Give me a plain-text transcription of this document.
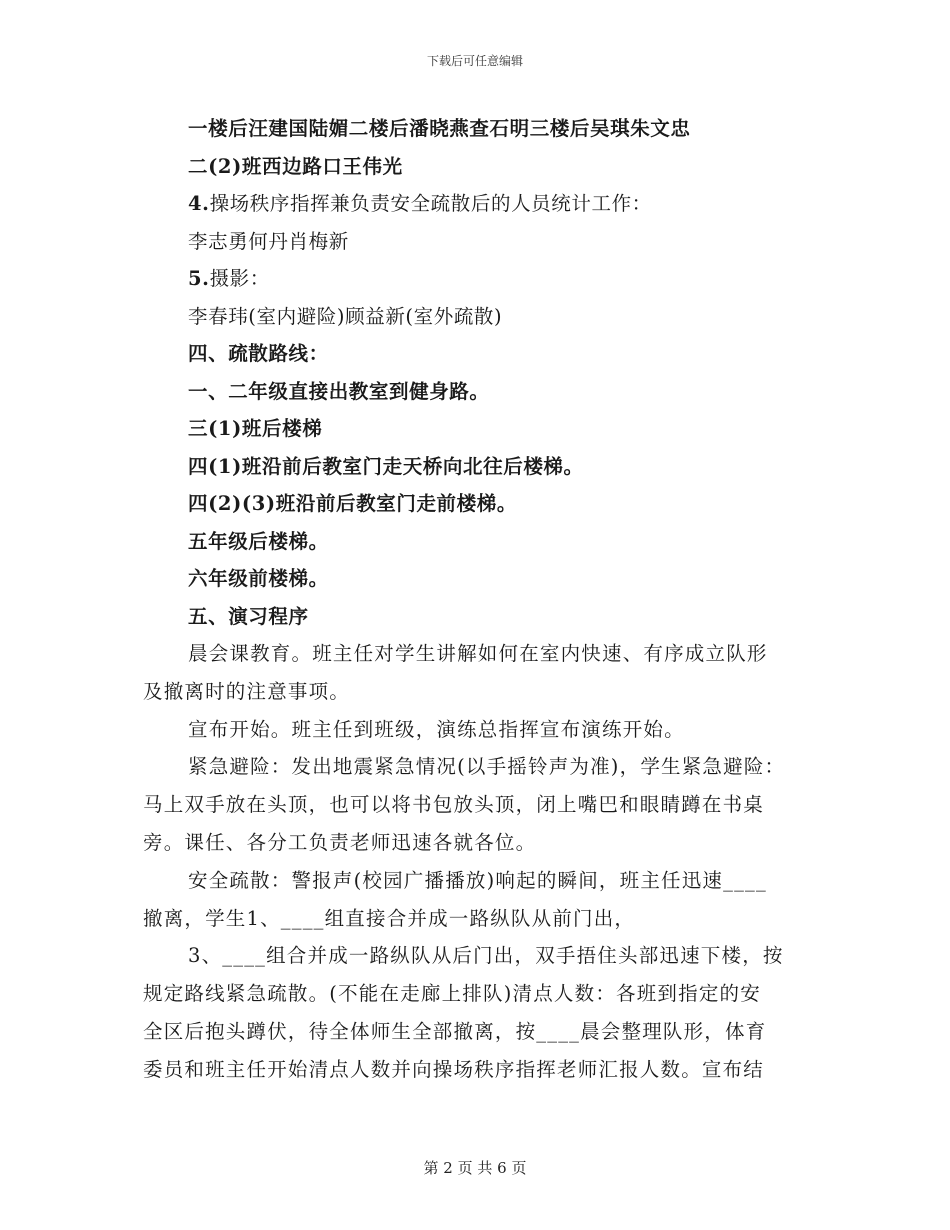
下载后可任意编辑
一楼后汪建国陆媚二楼后潘晓燕查石明三楼后吴琪朱文忠
二(2)班西边路口王伟光
4.操场秩序指挥兼负责安全疏散后的人员统计工作：
李志勇何丹肖梅新
5.摄影：
李春玮(室内避险)顾益新(室外疏散)
四、疏散路线：
一、二年级直接出教室到健身路。
三(1)班后楼梯
四(1)班沿前后教室门走天桥向北往后楼梯。
四(2)(3)班沿前后教室门走前楼梯。
五年级后楼梯。
六年级前楼梯。
五、演习程序
晨会课教育。班主任对学生讲解如何在室内快速、有序成立队形
及撤离时的注意事项。
宣布开始。班主任到班级，演练总指挥宣布演练开始。
紧急避险：发出地震紧急情况(以手摇铃声为准)，学生紧急避险：
马上双手放在头顶，也可以将书包放头顶，闭上嘴巴和眼睛蹲在书桌
旁。课任、各分工负责老师迅速各就各位。
安全疏散：警报声(校园广播播放)响起的瞬间，班主任迅速____
撤离，学生1、____组直接合并成一路纵队从前门出，
3、____组合并成一路纵队从后门出，双手捂住头部迅速下楼，按
规定路线紧急疏散。(不能在走廊上排队)清点人数：各班到指定的安
全区后抱头蹲伏，待全体师生全部撤离，按____晨会整理队形，体育
委员和班主任开始清点人数并向操场秩序指挥老师汇报人数。宣布结
第 2 页 共 6 页
